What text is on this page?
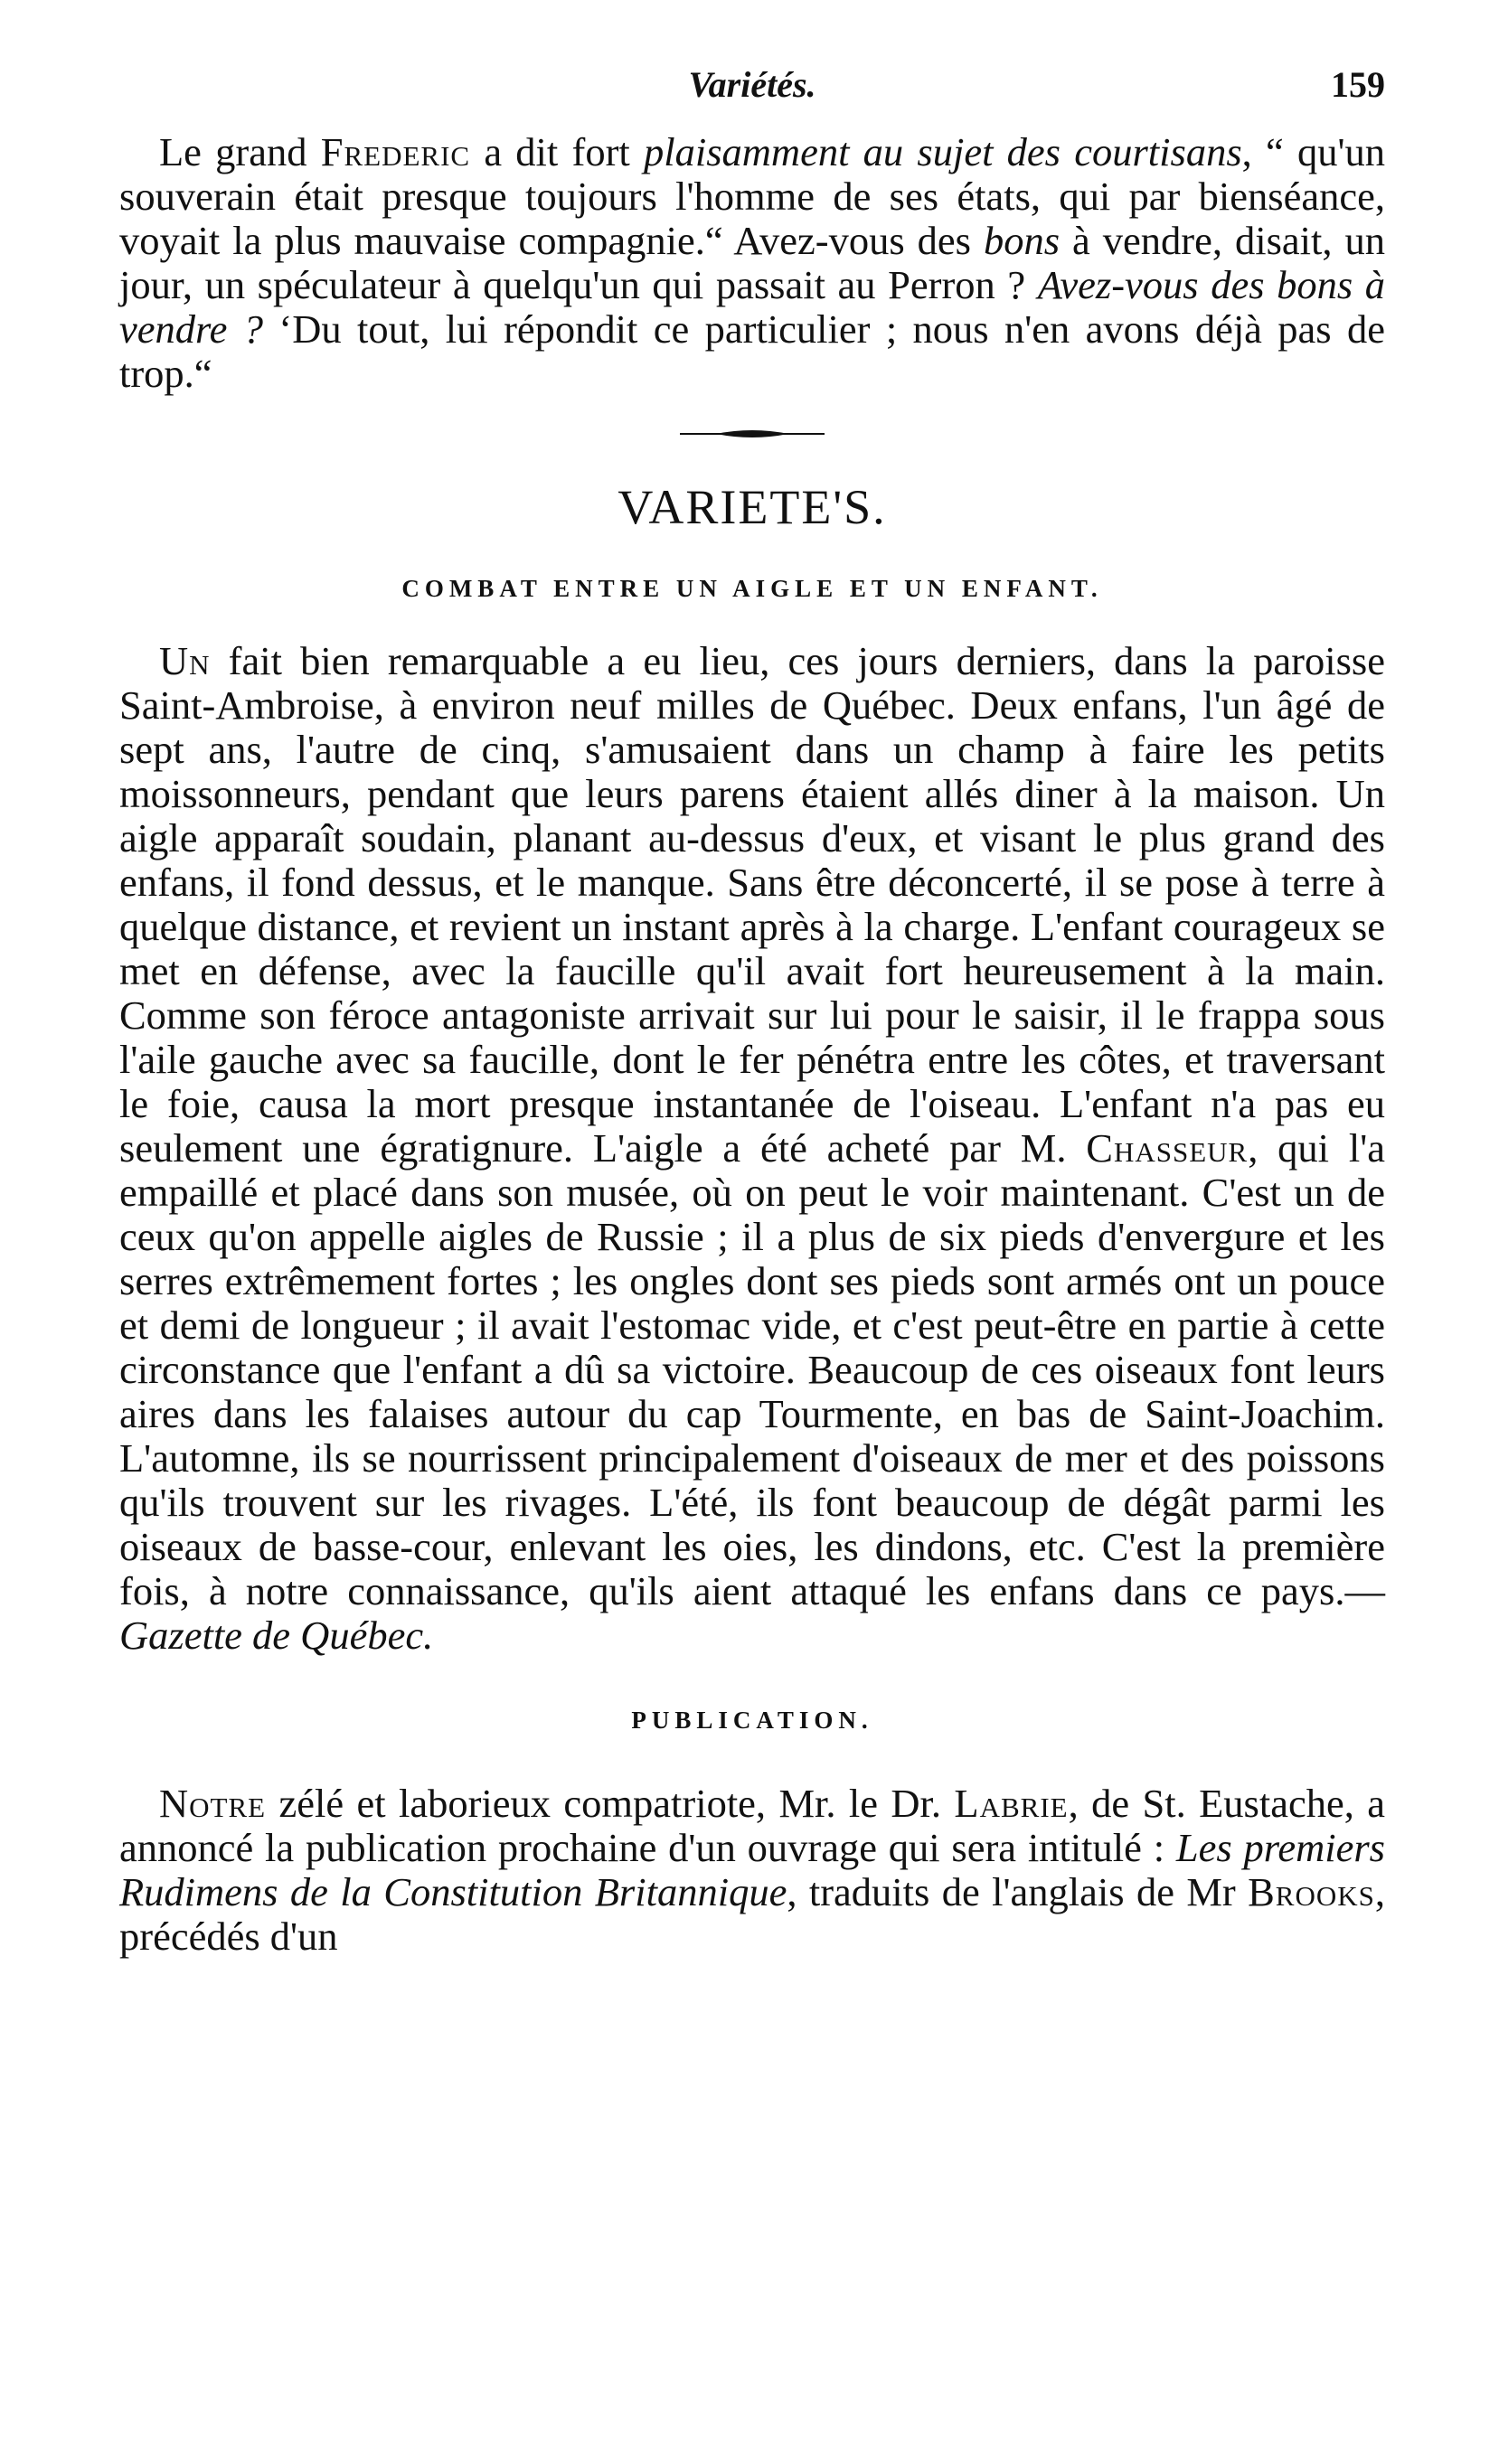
Variétés.	159

Le grand Frederic a dit fort plaisamment au sujet des courtisans, “ qu'un souverain était presque toujours l'homme de ses états, qui par bienséance, voyait la plus mauvaise compagnie.“ Avez-vous des bons à vendre, disait, un jour, un spéculateur à quelqu'un qui passait au Perron ? Avez-vous des bons à vendre ? ‘Du tout, lui répondit ce particulier ; nous n'en avons déjà pas de trop.“

VARIETE'S.
COMBAT ENTRE UN AIGLE ET UN ENFANT.

Un fait bien remarquable a eu lieu, ces jours derniers, dans la paroisse Saint-Ambroise, à environ neuf milles de Québec. Deux enfans, l'un âgé de sept ans, l'autre de cinq, s'amusaient dans un champ à faire les petits moissonneurs, pendant que leurs parens étaient allés diner à la maison. Un aigle apparaît soudain, planant au-dessus d'eux, et visant le plus grand des enfans, il fond dessus, et le manque. Sans être déconcerté, il se pose à terre à quelque distance, et revient un instant après à la charge. L'enfant courageux se met en défense, avec la faucille qu'il avait fort heureusement à la main. Comme son féroce antagoniste arrivait sur lui pour le saisir, il le frappa sous l'aile gauche avec sa faucille, dont le fer pénétra entre les côtes, et traversant le foie, causa la mort presque instantanée de l'oiseau. L'enfant n'a pas eu seulement une égratignure. L'aigle a été acheté par M. Chasseur, qui l'a empaillé et placé dans son musée, où on peut le voir maintenant. C'est un de ceux qu'on appelle aigles de Russie ; il a plus de six pieds d'envergure et les serres extrêmement fortes ; les ongles dont ses pieds sont armés ont un pouce et demi de longueur ; il avait l'estomac vide, et c'est peut-être en partie à cette circonstance que l'enfant a dû sa victoire. Beaucoup de ces oiseaux font leurs aires dans les falaises autour du cap Tourmente, en bas de Saint-Joachim. L'automne, ils se nourrissent principalement d'oiseaux de mer et des poissons qu'ils trouvent sur les rivages. L'été, ils font beaucoup de dégât parmi les oiseaux de basse-cour, enlevant les oies, les dindons, etc. C'est la première fois, à notre connaissance, qu'ils aient attaqué les enfans dans ce pays.—Gazette de Québec.

PUBLICATION.

Notre zélé et laborieux compatriote, Mr. le Dr. Labrie, de St. Eustache, a annoncé la publication prochaine d'un ouvrage qui sera intitulé : Les premiers Rudimens de la Constitution Britannique, traduits de l'anglais de Mr Brooks, précédés d'un
